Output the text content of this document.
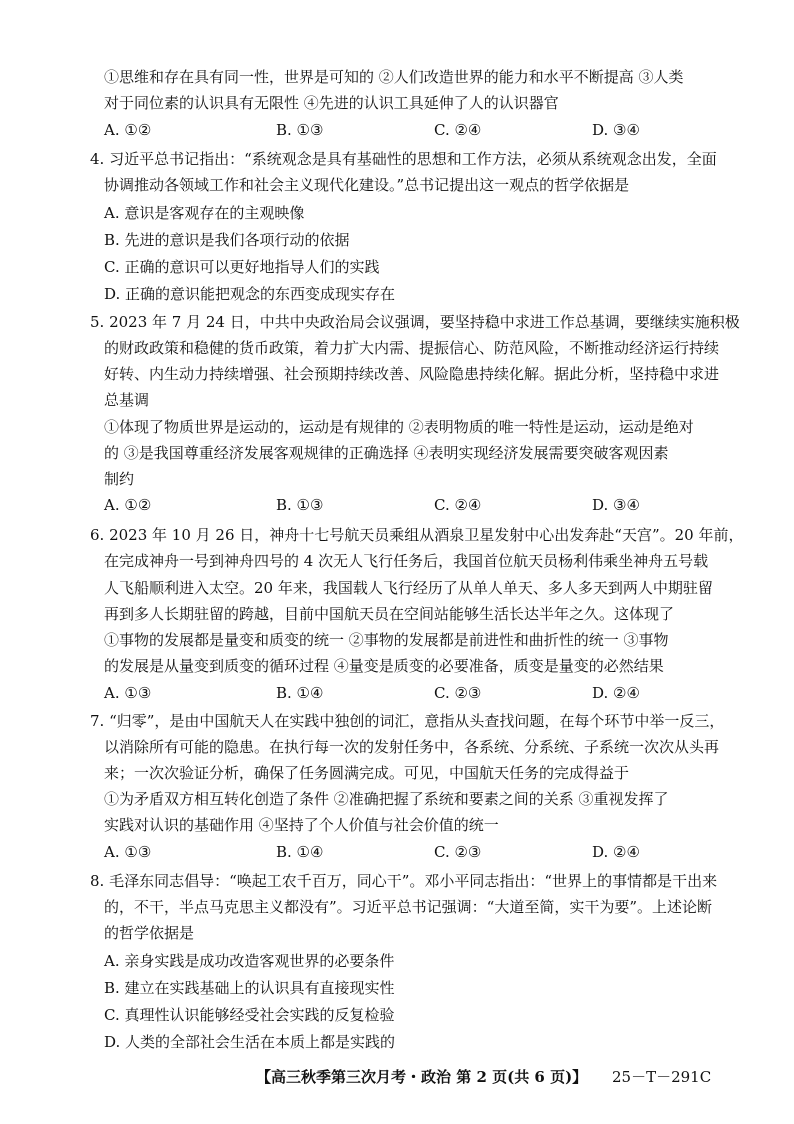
①思维和存在具有同一性，世界是可知的 ②人们改造世界的能力和水平不断提高 ③人类
对于同位素的认识具有无限性 ④先进的认识工具延伸了人的认识器官
A. ①②	B. ①③	C. ②④	D. ③④
4. 习近平总书记指出：“系统观念是具有基础性的思想和工作方法，必须从系统观念出发，全面
协调推动各领域工作和社会主义现代化建设。”总书记提出这一观点的哲学依据是
A. 意识是客观存在的主观映像
B. 先进的意识是我们各项行动的依据
C. 正确的意识可以更好地指导人们的实践
D. 正确的意识能把观念的东西变成现实存在
5. 2023 年 7 月 24 日，中共中央政治局会议强调，要坚持稳中求进工作总基调，要继续实施积极
的财政政策和稳健的货币政策，着力扩大内需、提振信心、防范风险，不断推动经济运行持续
好转、内生动力持续增强、社会预期持续改善、风险隐患持续化解。据此分析，坚持稳中求进
总基调
①体现了物质世界是运动的，运动是有规律的 ②表明物质的唯一特性是运动，运动是绝对
的 ③是我国尊重经济发展客观规律的正确选择 ④表明实现经济发展需要突破客观因素
制约
A. ①②	B. ①③	C. ②④	D. ③④
6. 2023 年 10 月 26 日，神舟十七号航天员乘组从酒泉卫星发射中心出发奔赴“天宫”。20 年前，
在完成神舟一号到神舟四号的 4 次无人飞行任务后，我国首位航天员杨利伟乘坐神舟五号载
人飞船顺利进入太空。20 年来，我国载人飞行经历了从单人单天、多人多天到两人中期驻留
再到多人长期驻留的跨越，目前中国航天员在空间站能够生活长达半年之久。这体现了
①事物的发展都是量变和质变的统一 ②事物的发展都是前进性和曲折性的统一 ③事物
的发展是从量变到质变的循环过程 ④量变是质变的必要准备，质变是量变的必然结果
A. ①③	B. ①④	C. ②③	D. ②④
7. “归零”，是由中国航天人在实践中独创的词汇，意指从头查找问题，在每个环节中举一反三，
以消除所有可能的隐患。在执行每一次的发射任务中，各系统、分系统、子系统一次次从头再
来；一次次验证分析，确保了任务圆满完成。可见，中国航天任务的完成得益于
①为矛盾双方相互转化创造了条件 ②准确把握了系统和要素之间的关系 ③重视发挥了
实践对认识的基础作用 ④坚持了个人价值与社会价值的统一
A. ①③	B. ①④	C. ②③	D. ②④
8. 毛泽东同志倡导：“唤起工农千百万，同心干”。邓小平同志指出：“世界上的事情都是干出来
的，不干，半点马克思主义都没有”。习近平总书记强调：“大道至简，实干为要”。上述论断
的哲学依据是
A. 亲身实践是成功改造客观世界的必要条件
B. 建立在实践基础上的认识具有直接现实性
C. 真理性认识能够经受社会实践的反复检验
D. 人类的全部社会生活在本质上都是实践的
【高三秋季第三次月考・政治 第 2 页(共 6 页)】 25－T－291C
